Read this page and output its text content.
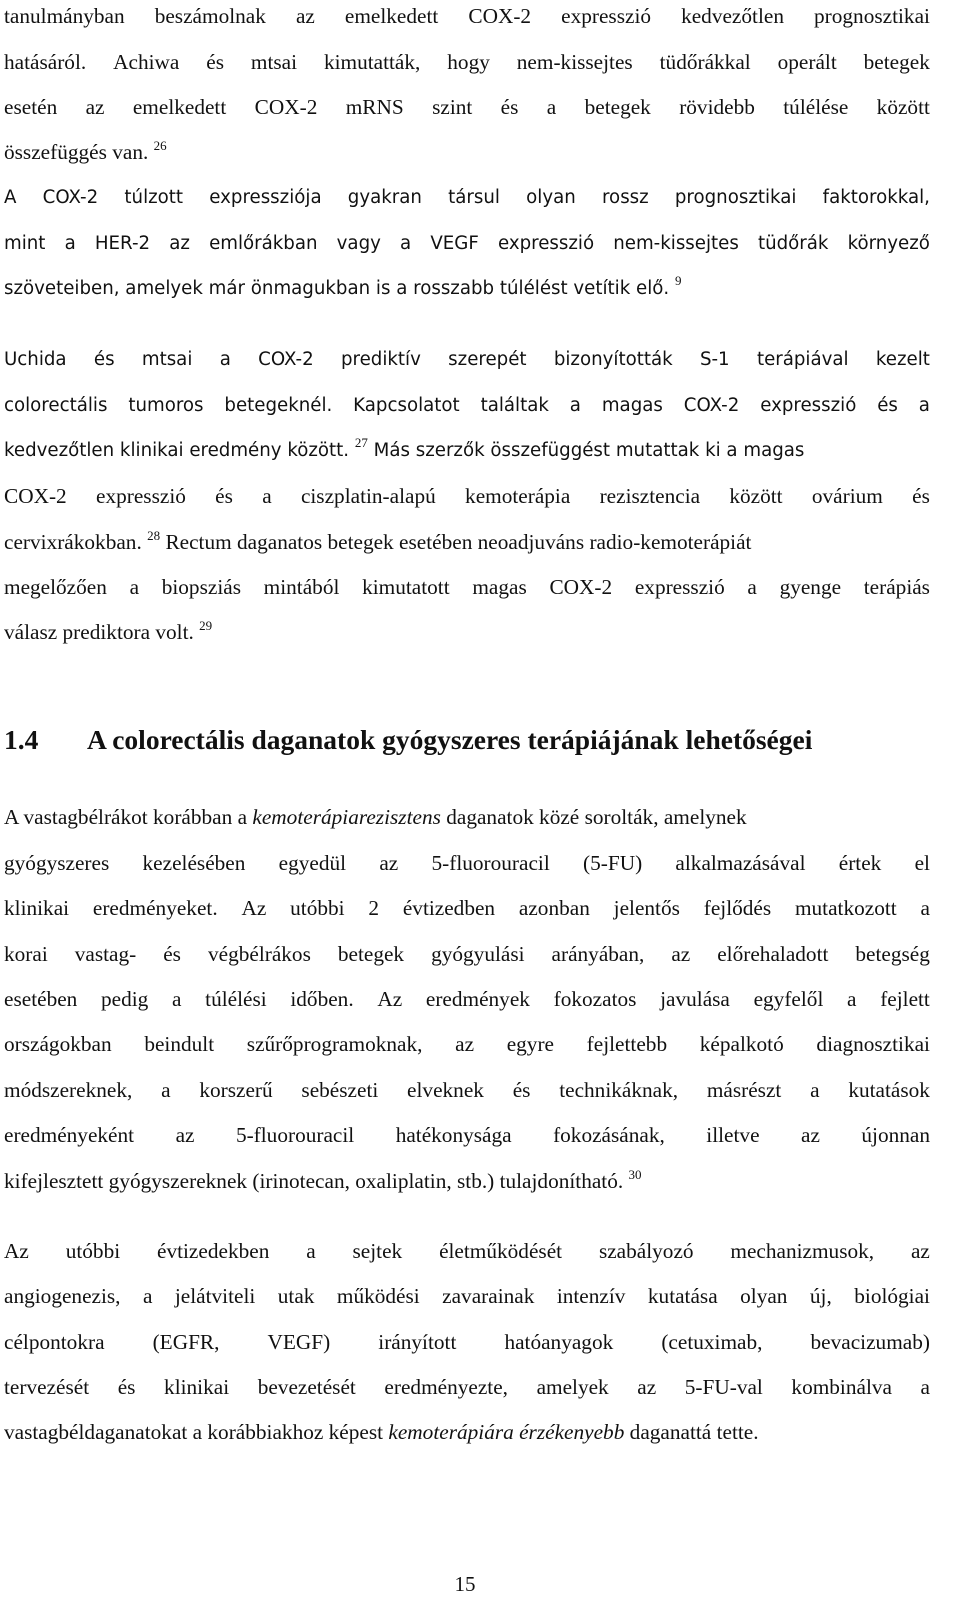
tanulmányban beszámolnak az emelkedett COX-2 expresszió kedvezőtlen prognosztikai
hatásáról. Achiwa és mtsai kimutatták, hogy nem-kissejtes tüdőrákkal operált betegek
esetén az emelkedett COX-2 mRNS szint és a betegek rövidebb túlélése között
összefüggés van. $^{26}$
A COX-2 túlzott expressziója gyakran társul olyan rossz prognosztikai faktorokkal,
mint a HER-2 az emlőrákban vagy a VEGF expresszió nem-kissejtes tüdőrák környező
szöveteiben, amelyek már önmagukban is a rosszabb túlélést vetítik elő. $^9$
Uchida és mtsai a COX-2 prediktív szerepét bizonyították S-1 terápiával kezelt
colorectális tumoros betegeknél. Kapcsolatot találtak a magas COX-2 expresszió és a
kedvezőtlen klinikai eredmény között. $^{27}$ Más szerzők összefüggést mutattak ki a magas
COX-2 expresszió és a ciszplatin-alapú kemoterápia rezisztencia között ovárium és
cervixrákokban. $^{28}$ Rectum daganatos betegek esetében neoadjuváns radio-kemoterápiát
megelőzően a biopsziás mintából kimutatott magas COX-2 expresszió a gyenge terápiás
válasz prediktora volt. $^{29}$
1.4 A colorectális daganatok gyógyszeres terápiájának lehetőségei
A vastagbélrákot korábban a kemoterápiarezisztens daganatok közé sorolták, amelynek
gyógyszeres kezelésében egyedül az 5-fluorouracil (5-FU) alkalmazásával értek el
klinikai eredményeket. Az utóbbi 2 évtizedben azonban jelentős fejlődés mutatkozott a
korai vastag- és végbélrákos betegek gyógyulási arányában, az előrehaladott betegség
esetében pedig a túlélési időben. Az eredmények fokozatos javulása egyfelől a fejlett
országokban beindult szűrőprogramoknak, az egyre fejlettebb képalkotó diagnosztikai
módszereknek, a korszerű sebészeti elveknek és technikáknak, másrészt a kutatások
eredményeként az 5-fluorouracil hatékonysága fokozásának, illetve az újonnan
kifejlesztett gyógyszereknek (irinotecan, oxaliplatin, stb.) tulajdonítható. $^{30}$
Az utóbbi évtizedekben a sejtek életműködését szabályozó mechanizmusok, az
angiogenezis, a jelátviteli utak működési zavarainak intenzív kutatása olyan új, biológiai
célpontokra (EGFR, VEGF) irányított hatóanyagok (cetuximab, bevacizumab)
tervezését és klinikai bevezetését eredményezte, amelyek az 5-FU-val kombinálva a
vastagbéldaganatokat a korábbiakhoz képest kemoterápiára érzékenyebb daganattá tette.
15
